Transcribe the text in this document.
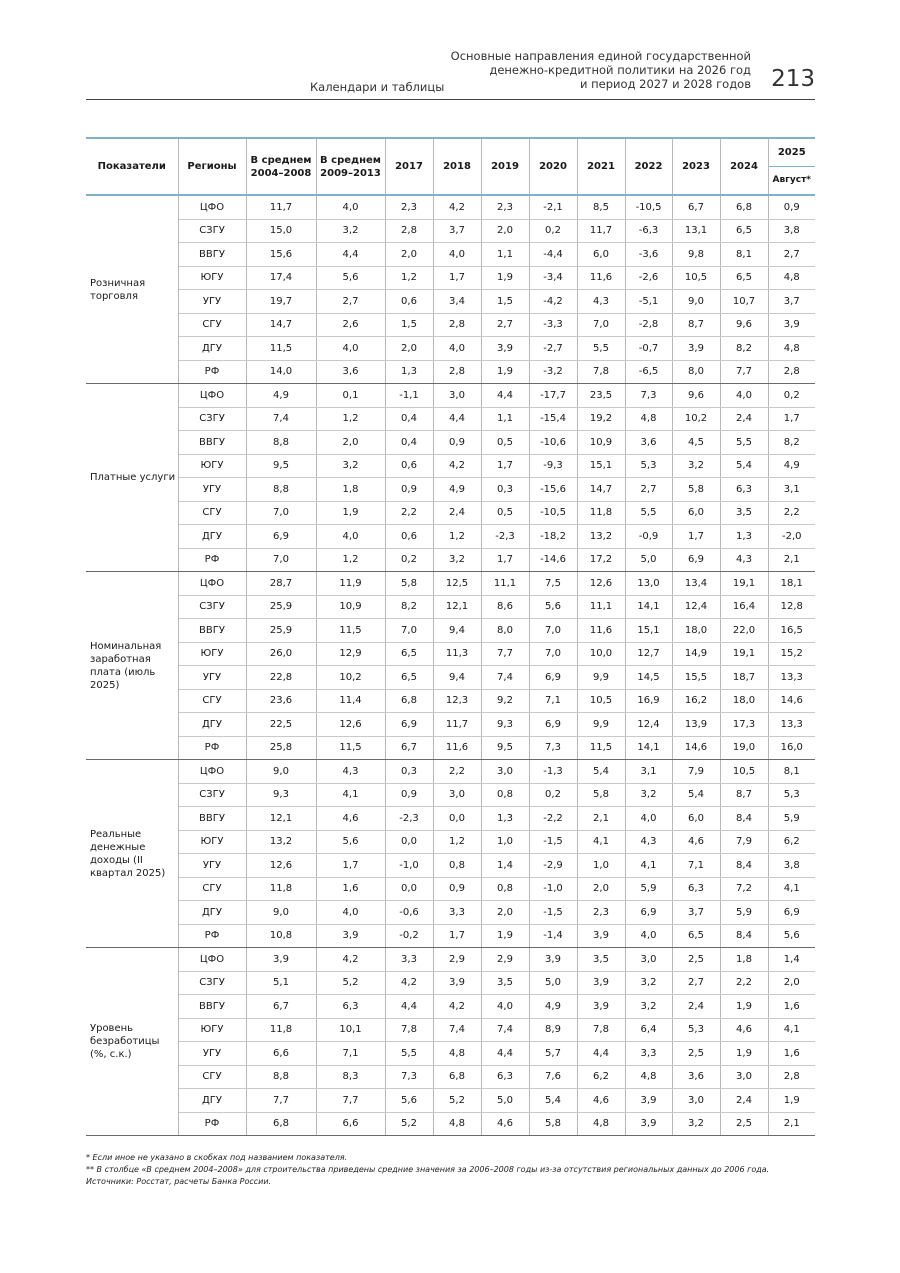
Календари и таблицы
Основные направления единой государственной
денежно-кредитной политики на 2026 год
и период 2027 и 2028 годов 213
Показатели	Регионы	В среднем 2004–2008	В среднем 2009–2013	2017	2018	2019	2020	2021	2022	2023	2024	2025
												Август*
Розничная торговля	ЦФО	11,7	4,0	2,3	4,2	2,3	-2,1	8,5	-10,5	6,7	6,8	0,9
	СЗГУ	15,0	3,2	2,8	3,7	2,0	0,2	11,7	-6,3	13,1	6,5	3,8
	ВВГУ	15,6	4,4	2,0	4,0	1,1	-4,4	6,0	-3,6	9,8	8,1	2,7
	ЮГУ	17,4	5,6	1,2	1,7	1,9	-3,4	11,6	-2,6	10,5	6,5	4,8
	УГУ	19,7	2,7	0,6	3,4	1,5	-4,2	4,3	-5,1	9,0	10,7	3,7
	СГУ	14,7	2,6	1,5	2,8	2,7	-3,3	7,0	-2,8	8,7	9,6	3,9
	ДГУ	11,5	4,0	2,0	4,0	3,9	-2,7	5,5	-0,7	3,9	8,2	4,8
	РФ	14,0	3,6	1,3	2,8	1,9	-3,2	7,8	-6,5	8,0	7,7	2,8
Платные услуги	ЦФО	4,9	0,1	-1,1	3,0	4,4	-17,7	23,5	7,3	9,6	4,0	0,2
	СЗГУ	7,4	1,2	0,4	4,4	1,1	-15,4	19,2	4,8	10,2	2,4	1,7
	ВВГУ	8,8	2,0	0,4	0,9	0,5	-10,6	10,9	3,6	4,5	5,5	8,2
	ЮГУ	9,5	3,2	0,6	4,2	1,7	-9,3	15,1	5,3	3,2	5,4	4,9
	УГУ	8,8	1,8	0,9	4,9	0,3	-15,6	14,7	2,7	5,8	6,3	3,1
	СГУ	7,0	1,9	2,2	2,4	0,5	-10,5	11,8	5,5	6,0	3,5	2,2
	ДГУ	6,9	4,0	0,6	1,2	-2,3	-18,2	13,2	-0,9	1,7	1,3	-2,0
	РФ	7,0	1,2	0,2	3,2	1,7	-14,6	17,2	5,0	6,9	4,3	2,1
Номинальная заработная плата (июль 2025)	ЦФО	28,7	11,9	5,8	12,5	11,1	7,5	12,6	13,0	13,4	19,1	18,1
	СЗГУ	25,9	10,9	8,2	12,1	8,6	5,6	11,1	14,1	12,4	16,4	12,8
	ВВГУ	25,9	11,5	7,0	9,4	8,0	7,0	11,6	15,1	18,0	22,0	16,5
	ЮГУ	26,0	12,9	6,5	11,3	7,7	7,0	10,0	12,7	14,9	19,1	15,2
	УГУ	22,8	10,2	6,5	9,4	7,4	6,9	9,9	14,5	15,5	18,7	13,3
	СГУ	23,6	11,4	6,8	12,3	9,2	7,1	10,5	16,9	16,2	18,0	14,6
	ДГУ	22,5	12,6	6,9	11,7	9,3	6,9	9,9	12,4	13,9	17,3	13,3
	РФ	25,8	11,5	6,7	11,6	9,5	7,3	11,5	14,1	14,6	19,0	16,0
Реальные денежные доходы (II квартал 2025)	ЦФО	9,0	4,3	0,3	2,2	3,0	-1,3	5,4	3,1	7,9	10,5	8,1
	СЗГУ	9,3	4,1	0,9	3,0	0,8	0,2	5,8	3,2	5,4	8,7	5,3
	ВВГУ	12,1	4,6	-2,3	0,0	1,3	-2,2	2,1	4,0	6,0	8,4	5,9
	ЮГУ	13,2	5,6	0,0	1,2	1,0	-1,5	4,1	4,3	4,6	7,9	6,2
	УГУ	12,6	1,7	-1,0	0,8	1,4	-2,9	1,0	4,1	7,1	8,4	3,8
	СГУ	11,8	1,6	0,0	0,9	0,8	-1,0	2,0	5,9	6,3	7,2	4,1
	ДГУ	9,0	4,0	-0,6	3,3	2,0	-1,5	2,3	6,9	3,7	5,9	6,9
	РФ	10,8	3,9	-0,2	1,7	1,9	-1,4	3,9	4,0	6,5	8,4	5,6
Уровень безработицы (%, с.к.)	ЦФО	3,9	4,2	3,3	2,9	2,9	3,9	3,5	3,0	2,5	1,8	1,4
	СЗГУ	5,1	5,2	4,2	3,9	3,5	5,0	3,9	3,2	2,7	2,2	2,0
	ВВГУ	6,7	6,3	4,4	4,2	4,0	4,9	3,9	3,2	2,4	1,9	1,6
	ЮГУ	11,8	10,1	7,8	7,4	7,4	8,9	7,8	6,4	5,3	4,6	4,1
	УГУ	6,6	7,1	5,5	4,8	4,4	5,7	4,4	3,3	2,5	1,9	1,6
	СГУ	8,8	8,3	7,3	6,8	6,3	7,6	6,2	4,8	3,6	3,0	2,8
	ДГУ	7,7	7,7	5,6	5,2	5,0	5,4	4,6	3,9	3,0	2,4	1,9
	РФ	6,8	6,6	5,2	4,8	4,6	5,8	4,8	3,9	3,2	2,5	2,1
* Если иное не указано в скобках под названием показателя.
** В столбце «В среднем 2004–2008» для строительства приведены средние значения за 2006–2008 годы из-за отсутствия региональных данных до 2006 года.
Источники: Росстат, расчеты Банка России.
